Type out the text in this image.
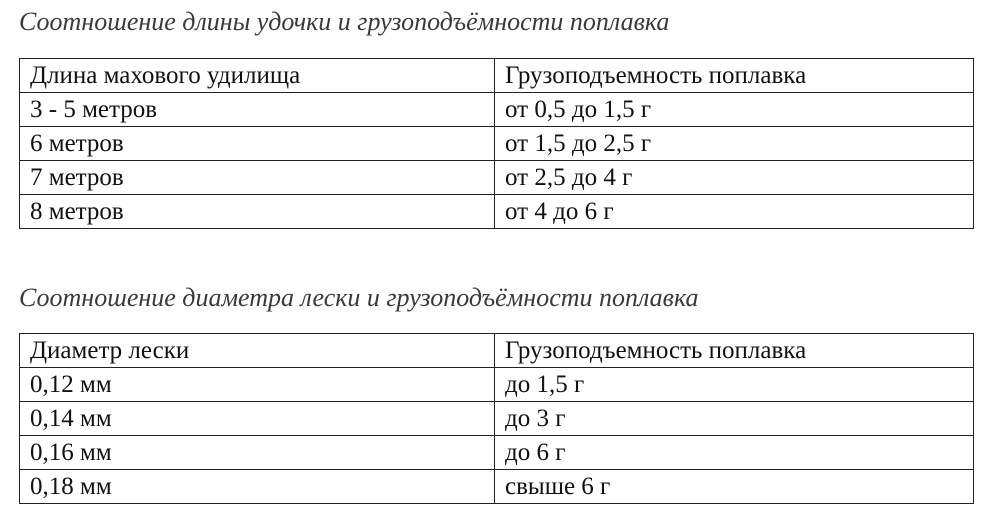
Соотношение длины удочки и грузоподъёмности поплавка
Длина махового удилища	Грузоподъемность поплавка
3 - 5 метров	от 0,5 до 1,5 г
6 метров	от 1,5 до 2,5 г
7 метров	от 2,5 до 4 г
8 метров	от 4 до 6 г
Соотношение диаметра лески и грузоподъёмности поплавка
Диаметр лески	Грузоподъемность поплавка
0,12 мм	до 1,5 г
0,14 мм	до 3 г
0,16 мм	до 6 г
0,18 мм	свыше 6 г
